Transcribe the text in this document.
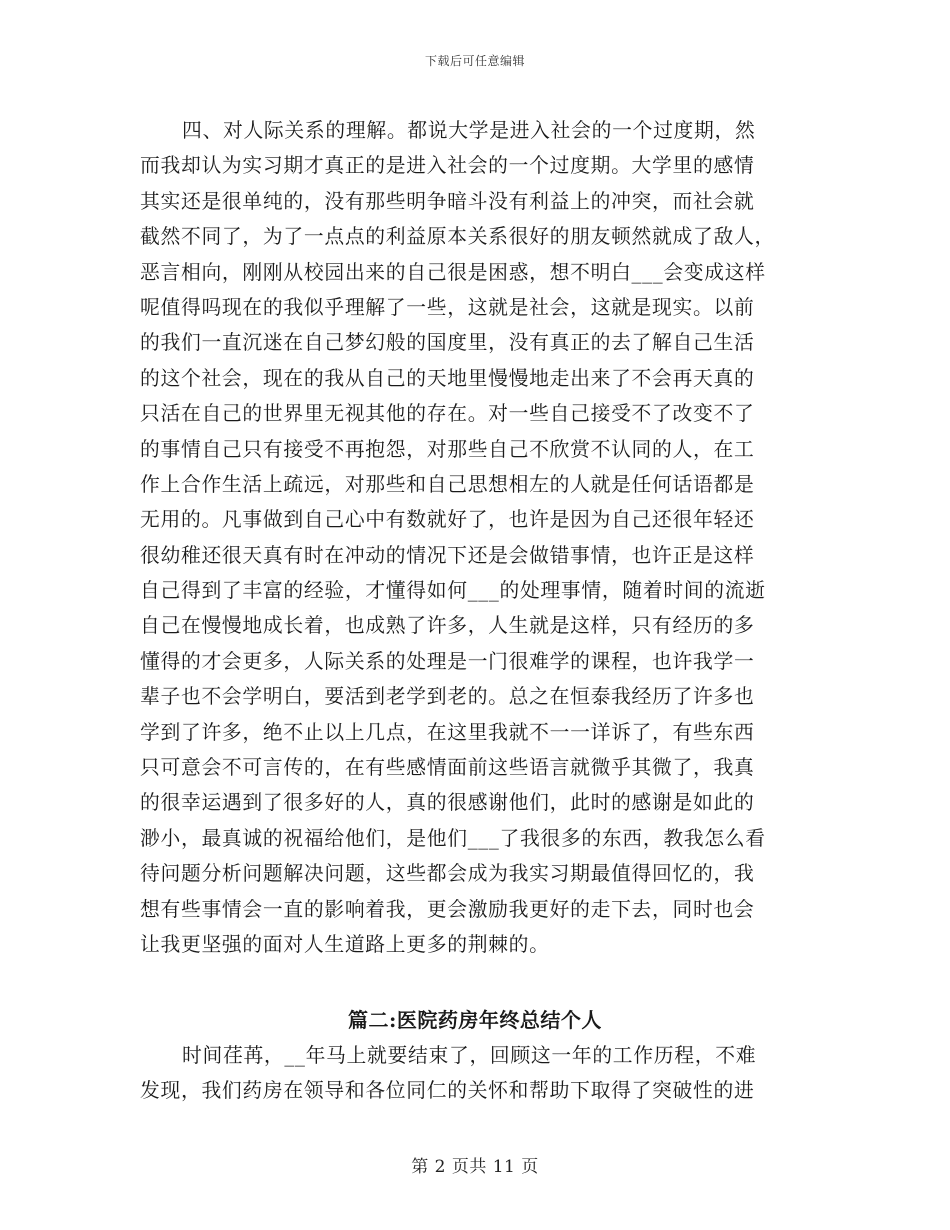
下载后可任意编辑
四、对人际关系的理解。都说大学是进入社会的一个过度期，然
而我却认为实习期才真正的是进入社会的一个过度期。大学里的感情
其实还是很单纯的，没有那些明争暗斗没有利益上的冲突，而社会就
截然不同了，为了一点点的利益原本关系很好的朋友顿然就成了敌人，
恶言相向，刚刚从校园出来的自己很是困惑，想不明白___会变成这样
呢值得吗现在的我似乎理解了一些，这就是社会，这就是现实。以前
的我们一直沉迷在自己梦幻般的国度里，没有真正的去了解自己生活
的这个社会，现在的我从自己的天地里慢慢地走出来了不会再天真的
只活在自己的世界里无视其他的存在。对一些自己接受不了改变不了
的事情自己只有接受不再抱怨，对那些自己不欣赏不认同的人，在工
作上合作生活上疏远，对那些和自己思想相左的人就是任何话语都是
无用的。凡事做到自己心中有数就好了，也许是因为自己还很年轻还
很幼稚还很天真有时在冲动的情况下还是会做错事情，也许正是这样
自己得到了丰富的经验，才懂得如何___的处理事情，随着时间的流逝
自己在慢慢地成长着，也成熟了许多，人生就是这样，只有经历的多
懂得的才会更多，人际关系的处理是一门很难学的课程，也许我学一
辈子也不会学明白，要活到老学到老的。总之在恒泰我经历了许多也
学到了许多，绝不止以上几点，在这里我就不一一详诉了，有些东西
只可意会不可言传的，在有些感情面前这些语言就微乎其微了，我真
的很幸运遇到了很多好的人，真的很感谢他们，此时的感谢是如此的
渺小，最真诚的祝福给他们，是他们___了我很多的东西，教我怎么看
待问题分析问题解决问题，这些都会成为我实习期最值得回忆的，我
想有些事情会一直的影响着我，更会激励我更好的走下去，同时也会
让我更坚强的面对人生道路上更多的荆棘的。
篇二:医院药房年终总结个人
时间荏苒，__年马上就要结束了，回顾这一年的工作历程，不难
发现，我们药房在领导和各位同仁的关怀和帮助下取得了突破性的进
第 2 页共 11 页
